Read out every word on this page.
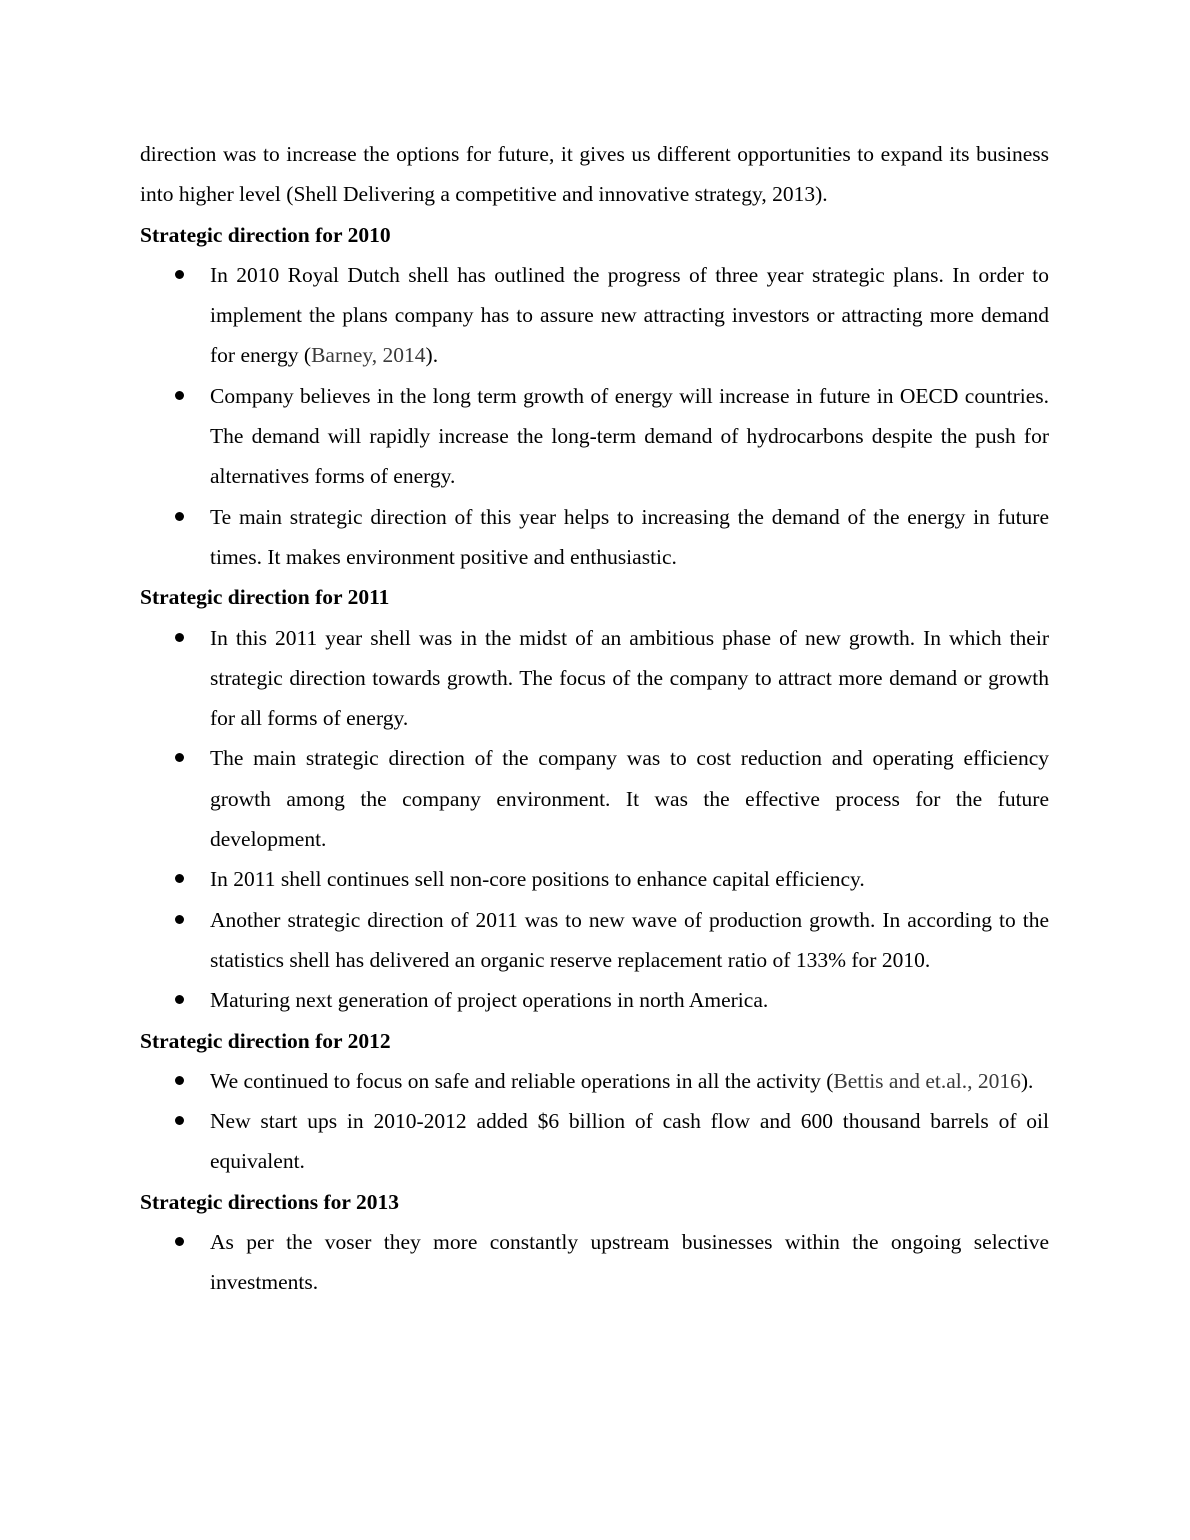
direction was to increase the options for future, it gives us different opportunities to expand its business into higher level (Shell Delivering a competitive and innovative strategy, 2013).

Strategic direction for 2010

In 2010 Royal Dutch shell has outlined the progress of three year strategic plans. In order to implement the plans company has to assure new attracting investors or attracting more demand for energy (Barney, 2014).
Company believes in the long term growth of energy will increase in future in OECD countries. The demand will rapidly increase the long-term demand of hydrocarbons despite the push for alternatives forms of energy.
Te main strategic direction of this year helps to increasing the demand of the energy in future times. It makes environment positive and enthusiastic.

Strategic direction for 2011

In this 2011 year shell was in the midst of an ambitious phase of new growth. In which their strategic direction towards growth. The focus of the company to attract more demand or growth for all forms of energy.
The main strategic direction of the company was to cost reduction and operating efficiency growth among the company environment. It was the effective process for the future development.
In 2011 shell continues sell non-core positions to enhance capital efficiency.
Another strategic direction of 2011 was to new wave of production growth. In according to the statistics shell has delivered an organic reserve replacement ratio of 133% for 2010.
Maturing next generation of project operations in north America.

Strategic direction for 2012

We continued to focus on safe and reliable operations in all the activity (Bettis and et.al., 2016).
New start ups in 2010-2012 added $6 billion of cash flow and 600 thousand barrels of oil equivalent.

Strategic directions for 2013

As per the voser they more constantly upstream businesses within the ongoing selective investments.
